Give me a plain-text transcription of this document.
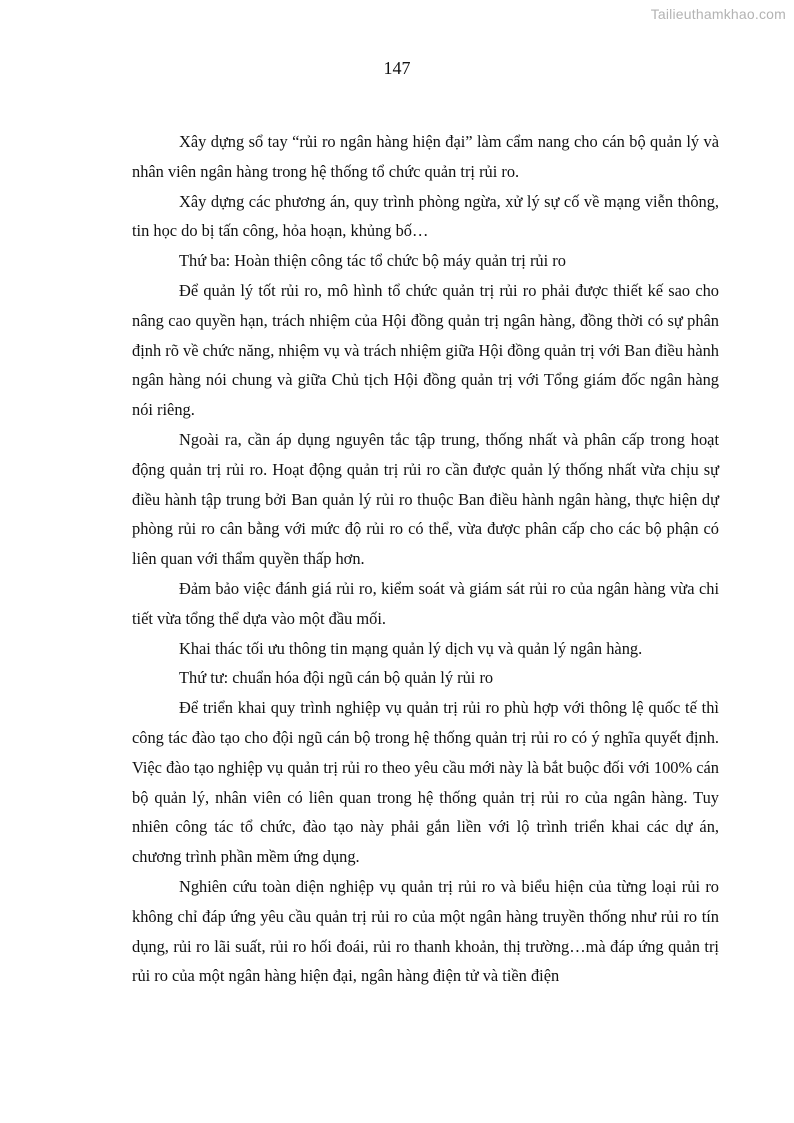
Tailieuthamkhao.com
147

Xây dựng sổ tay “rủi ro ngân hàng hiện đại” làm cẩm nang cho cán bộ quản lý và nhân viên ngân hàng trong hệ thống tổ chức quản trị rủi ro.

Xây dựng các phương án, quy trình phòng ngừa, xử lý sự cố về mạng viễn thông, tin học do bị tấn công, hỏa hoạn, khủng bố…

Thứ ba: Hoàn thiện công tác tổ chức bộ máy quản trị rủi ro

Để quản lý tốt rủi ro, mô hình tổ chức quản trị rủi ro phải được thiết kế sao cho nâng cao quyền hạn, trách nhiệm của Hội đồng quản trị ngân hàng, đồng thời có sự phân định rõ về chức năng, nhiệm vụ và trách nhiệm giữa Hội đồng quản trị với Ban điều hành ngân hàng nói chung và giữa Chủ tịch Hội đồng quản trị với Tổng giám đốc ngân hàng nói riêng.

Ngoài ra, cần áp dụng nguyên tắc tập trung, thống nhất và phân cấp trong hoạt động quản trị rủi ro. Hoạt động quản trị rủi ro cần được quản lý thống nhất vừa chịu sự điều hành tập trung bởi Ban quản lý rủi ro thuộc Ban điều hành ngân hàng, thực hiện dự phòng rủi ro cân bằng với mức độ rủi ro có thể, vừa được phân cấp cho các bộ phận có liên quan với thẩm quyền thấp hơn.

Đảm bảo việc đánh giá rủi ro, kiểm soát và giám sát rủi ro của ngân hàng vừa chi tiết vừa tổng thể dựa vào một đầu mối.

Khai thác tối ưu thông tin mạng quản lý dịch vụ và quản lý ngân hàng.

Thứ tư: chuẩn hóa đội ngũ cán bộ quản lý rủi ro

Để triển khai quy trình nghiệp vụ quản trị rủi ro phù hợp với thông lệ quốc tế thì công tác đào tạo cho đội ngũ cán bộ trong hệ thống quản trị rủi ro có ý nghĩa quyết định. Việc đào tạo nghiệp vụ quản trị rủi ro theo yêu cầu mới này là bắt buộc đối với 100% cán bộ quản lý, nhân viên có liên quan trong hệ thống quản trị rủi ro của ngân hàng. Tuy nhiên công tác tổ chức, đào tạo này phải gắn liền với lộ trình triển khai các dự án, chương trình phần mềm ứng dụng.

Nghiên cứu toàn diện nghiệp vụ quản trị rủi ro và biểu hiện của từng loại rủi ro không chỉ đáp ứng yêu cầu quản trị rủi ro của một ngân hàng truyền thống như rủi ro tín dụng, rủi ro lãi suất, rủi ro hối đoái, rủi ro thanh khoản, thị trường…mà đáp ứng quản trị rủi ro của một ngân hàng hiện đại, ngân hàng điện tử và tiền điện
